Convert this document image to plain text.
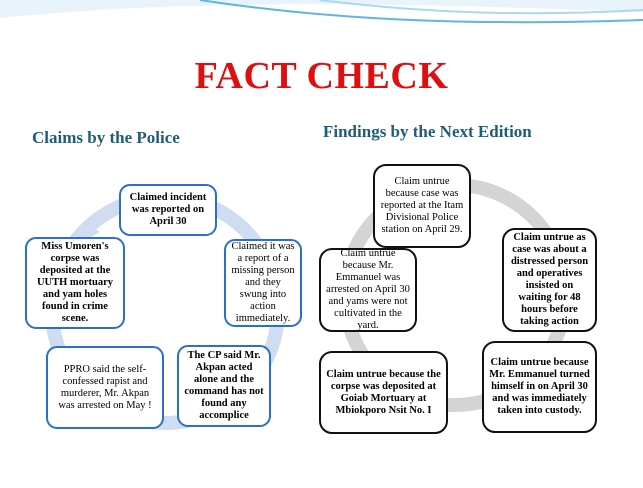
FACT CHECK
Claims by the Police	Findings by the Next Edition
Claimed incident was reported on April 30
Claimed it was a report of a missing person and they swung into action immediately.
The CP said Mr. Akpan acted alone and the command has not found any accomplice
PPRO said the self-confessed rapist and murderer, Mr. Akpan was arrested on May !
Miss Umoren's corpse was deposited at the UUTH mortuary and yam holes found in crime scene.
Claim untrue because case was reported at the Itam Divisional Police station on April 29.
Claim untrue as case was about a distressed person and operatives insisted on waiting for 48 hours before taking action
Claim untrue because Mr. Emmanuel turned himself in on April 30 and was immediately taken into custody.
Claim untrue because the corpse was deposited at Goiab Mortuary at Mbiokporo Nsit No. I
Claim untrue because Mr. Emmanuel was arrested on April 30 and yams were not cultivated in the yard.
